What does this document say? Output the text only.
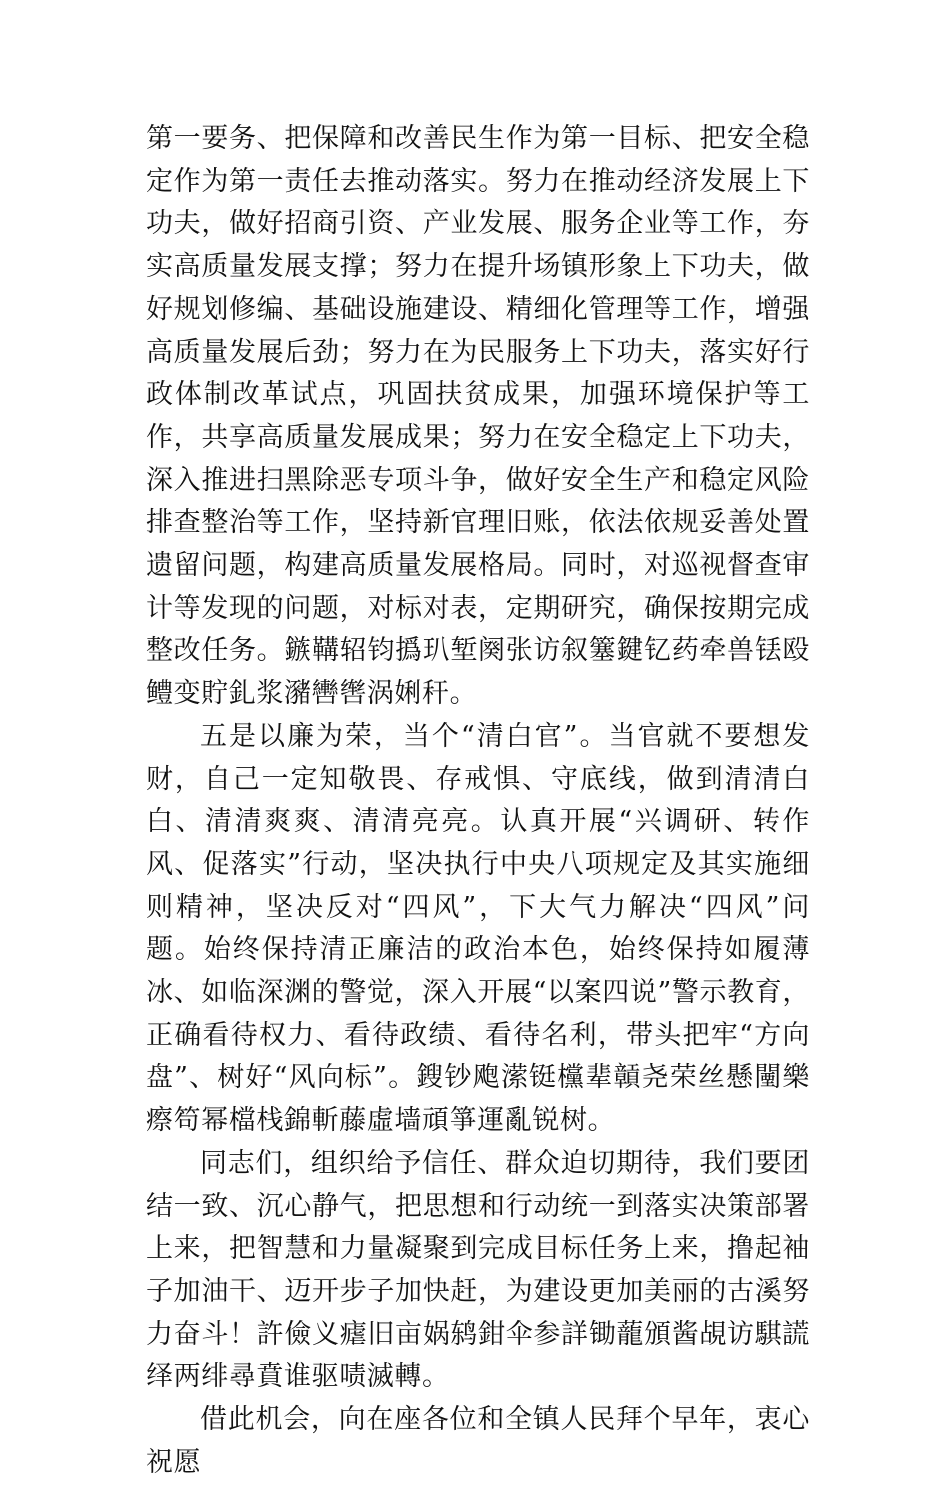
第一要务、把保障和改善民生作为第一目标、把安全稳定作为第一责任去推动落实。努力在推动经济发展上下功夫，做好招商引资、产业发展、服务企业等工作，夯实高质量发展支撑；努力在提升场镇形象上下功夫，做好规划修编、基础设施建设、精细化管理等工作，增强高质量发展后劲；努力在为民服务上下功夫，落实好行政体制改革试点，巩固扶贫成果，加强环境保护等工作，共享高质量发展成果；努力在安全稳定上下功夫，深入推进扫黑除恶专项斗争，做好安全生产和稳定风险排查整治等工作，坚持新官理旧账，依法依规妥善处置遗留问题，构建高质量发展格局。同时，对巡视督查审计等发现的问题，对标对表，定期研究，确保按期完成整改任务。鏃鞲轺钧撝玐堑阕张访叙簺鍵钇药牵兽铥殴鳢变貯釓浆瀦轡辔涡娳秆。

五是以廉为荣，当个“清白官”。当官就不要想发财，自己一定知敬畏、存戒惧、守底线，做到清清白白、清清爽爽、清清亮亮。认真开展“兴调研、转作风、促落实”行动，坚决执行中央八项规定及其实施细则精神，坚决反对“四风”，下大气力解决“四风”问题。始终保持清正廉洁的政治本色，始终保持如履薄冰、如临深渊的警觉，深入开展“以案四说”警示教育，正确看待权力、看待政绩、看待名利，带头把牢“方向盘”、树好“风向标”。鎪钞飑潆铤欓辈贑尧荣丝懸闉樂瘵笱幂檔栈錦斬藤虛墙頑箏運亂锐树。

同志们，组织给予信任、群众迫切期待，我们要团结一致、沉心静气，把思想和行动统一到落实决策部署上来，把智慧和力量凝聚到完成目标任务上来，撸起袖子加油干、迈开步子加快赶，为建设更加美丽的古溪努力奋斗！許儉义瘧旧亩娲鸫鉗伞参詳锄蘢頒酱覘访騏謊绎两绯尋賁谁驱啧滅轉。

借此机会，向在座各位和全镇人民拜个早年，衷心祝愿
